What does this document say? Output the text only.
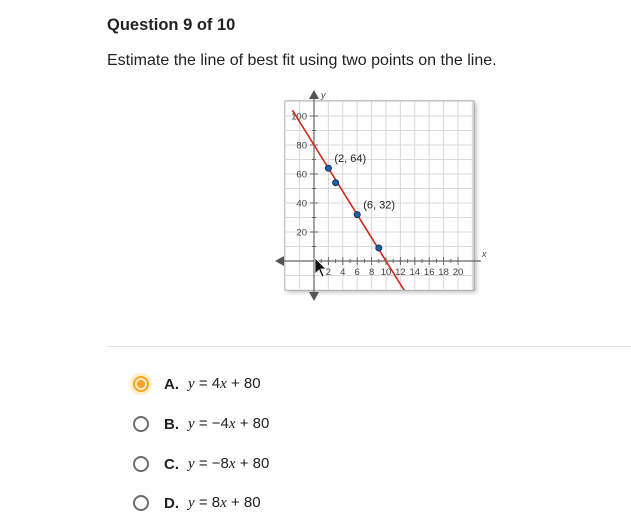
Question 9 of 10
Estimate the line of best fit using two points on the line.
2 4 6 8 10 12 14 16 18 20
20
40
60
80
100
x
y
(2, 64)
(6, 32)
A. y = 4x + 80
B. y = −4x + 80
C. y = −8x + 80
D. y = 8x + 80
